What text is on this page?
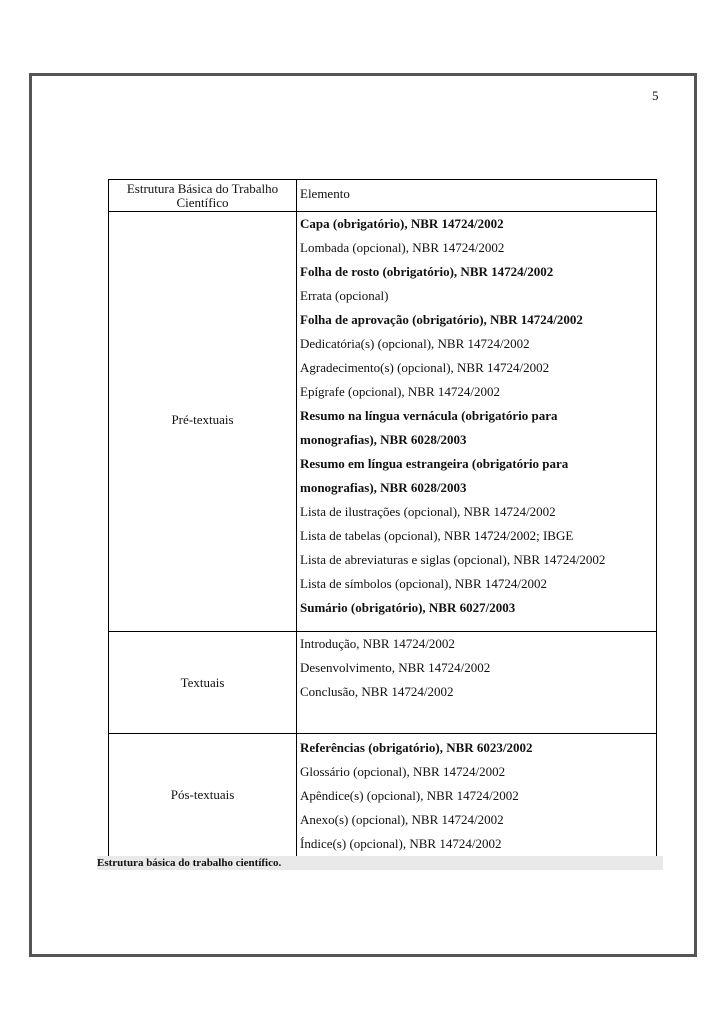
5
Estrutura Básica do Trabalho Científico
Elemento
Pré-textuais
Capa (obrigatório), NBR 14724/2002
Lombada (opcional), NBR 14724/2002
Folha de rosto (obrigatório), NBR 14724/2002
Errata (opcional)
Folha de aprovação (obrigatório), NBR 14724/2002
Dedicatória(s) (opcional), NBR 14724/2002
Agradecimento(s) (opcional), NBR 14724/2002
Epígrafe (opcional), NBR 14724/2002
Resumo na língua vernácula (obrigatório para
monografias), NBR 6028/2003
Resumo em língua estrangeira (obrigatório para
monografias), NBR 6028/2003
Lista de ilustrações (opcional), NBR 14724/2002
Lista de tabelas (opcional), NBR 14724/2002; IBGE
Lista de abreviaturas e siglas (opcional), NBR 14724/2002
Lista de símbolos (opcional), NBR 14724/2002
Sumário (obrigatório), NBR 6027/2003
Textuais
Introdução, NBR 14724/2002
Desenvolvimento, NBR 14724/2002
Conclusão, NBR 14724/2002
Pós-textuais
Referências (obrigatório), NBR 6023/2002
Glossário (opcional), NBR 14724/2002
Apêndice(s) (opcional), NBR 14724/2002
Anexo(s) (opcional), NBR 14724/2002
Índice(s) (opcional), NBR 14724/2002
Estrutura básica do trabalho científico.
